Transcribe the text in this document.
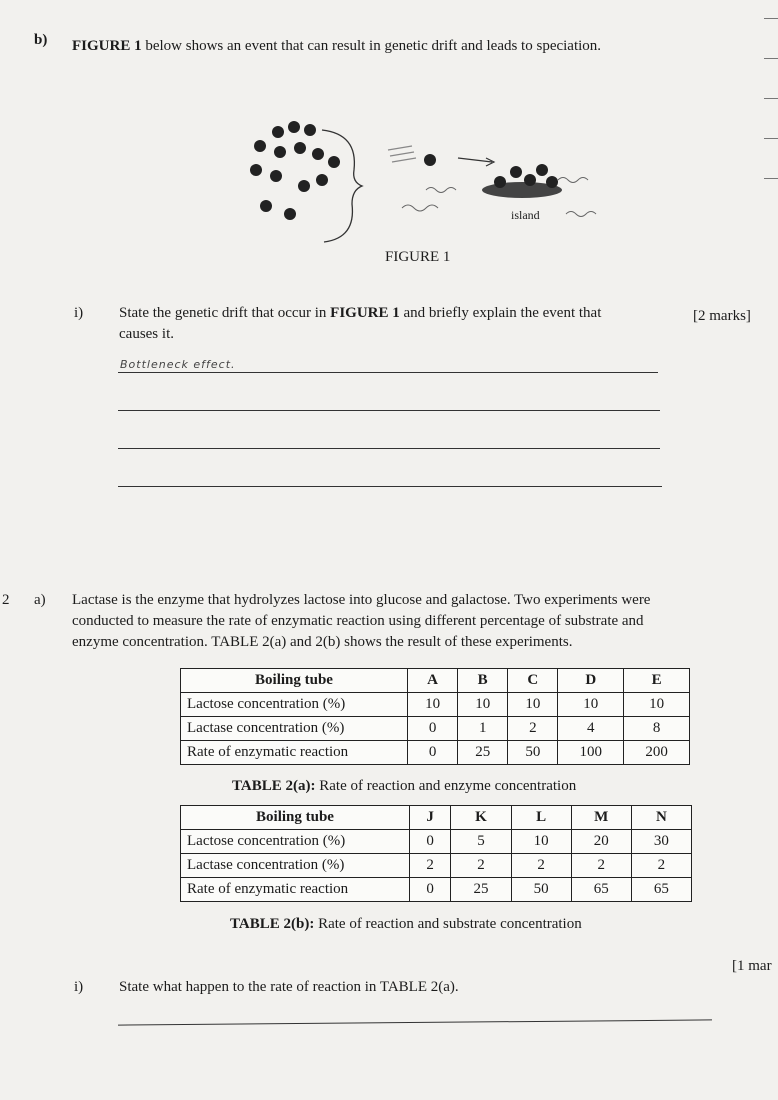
b) FIGURE 1 below shows an event that can result in genetic drift and leads to speciation.
island
FIGURE 1
i) State the genetic drift that occur in FIGURE 1 and briefly explain the event that
causes it.
[2 marks]
Bottleneck effect.
2 a) Lactase is the enzyme that hydrolyzes lactose into glucose and galactose. Two experiments were
conducted to measure the rate of enzymatic reaction using different percentage of substrate and
enzyme concentration. TABLE 2(a) and 2(b) shows the result of these experiments.
Boiling tube	A	B	C	D	E
Lactose concentration (%)	10	10	10	10	10
Lactase concentration (%)	0	1	2	4	8
Rate of enzymatic reaction	0	25	50	100	200
TABLE 2(a): Rate of reaction and enzyme concentration
Boiling tube	J	K	L	M	N
Lactose concentration (%)	0	5	10	20	30
Lactase concentration (%)	2	2	2	2	2
Rate of enzymatic reaction	0	25	50	65	65
TABLE 2(b): Rate of reaction and substrate concentration
i) State what happen to the rate of reaction in TABLE 2(a).
[1 mar
